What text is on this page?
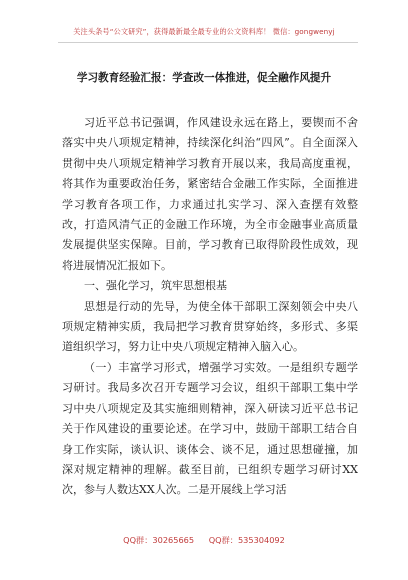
关注头条号“公文研究”，获得最新最全最专业的公文资料库！ 微信：gongwenyj
学习教育经验汇报：学查改一体推进，促全融作风提升

习近平总书记强调，作风建设永远在路上，要锲而不舍落实中央八项规定精神，持续深化纠治“四风”。自全面深入贯彻中央八项规定精神学习教育开展以来，我局高度重视，将其作为重要政治任务，紧密结合金融工作实际，全面推进学习教育各项工作，力求通过扎实学习、深入查摆有效整改，打造风清气正的金融工作环境，为全市金融事业高质量发展提供坚实保障。目前，学习教育已取得阶段性成效，现将进展情况汇报如下。

一、强化学习，筑牢思想根基

思想是行动的先导，为使全体干部职工深刻领会中央八项规定精神实质，我局把学习教育贯穿始终，多形式、多渠道组织学习，努力让中央八项规定精神入脑入心。

（一）丰富学习形式，增强学习实效。一是组织专题学习研讨。我局多次召开专题学习会议，组织干部职工集中学习中央八项规定及其实施细则精神，深入研读习近平总书记关于作风建设的重要论述。在学习中，鼓励干部职工结合自身工作实际，谈认识、谈体会、谈不足，通过思想碰撞，加深对规定精神的理解。截至目前，已组织专题学习研讨XX次，参与人数达XX人次。二是开展线上学习活

QQ群：30265665 QQ群：535304092
